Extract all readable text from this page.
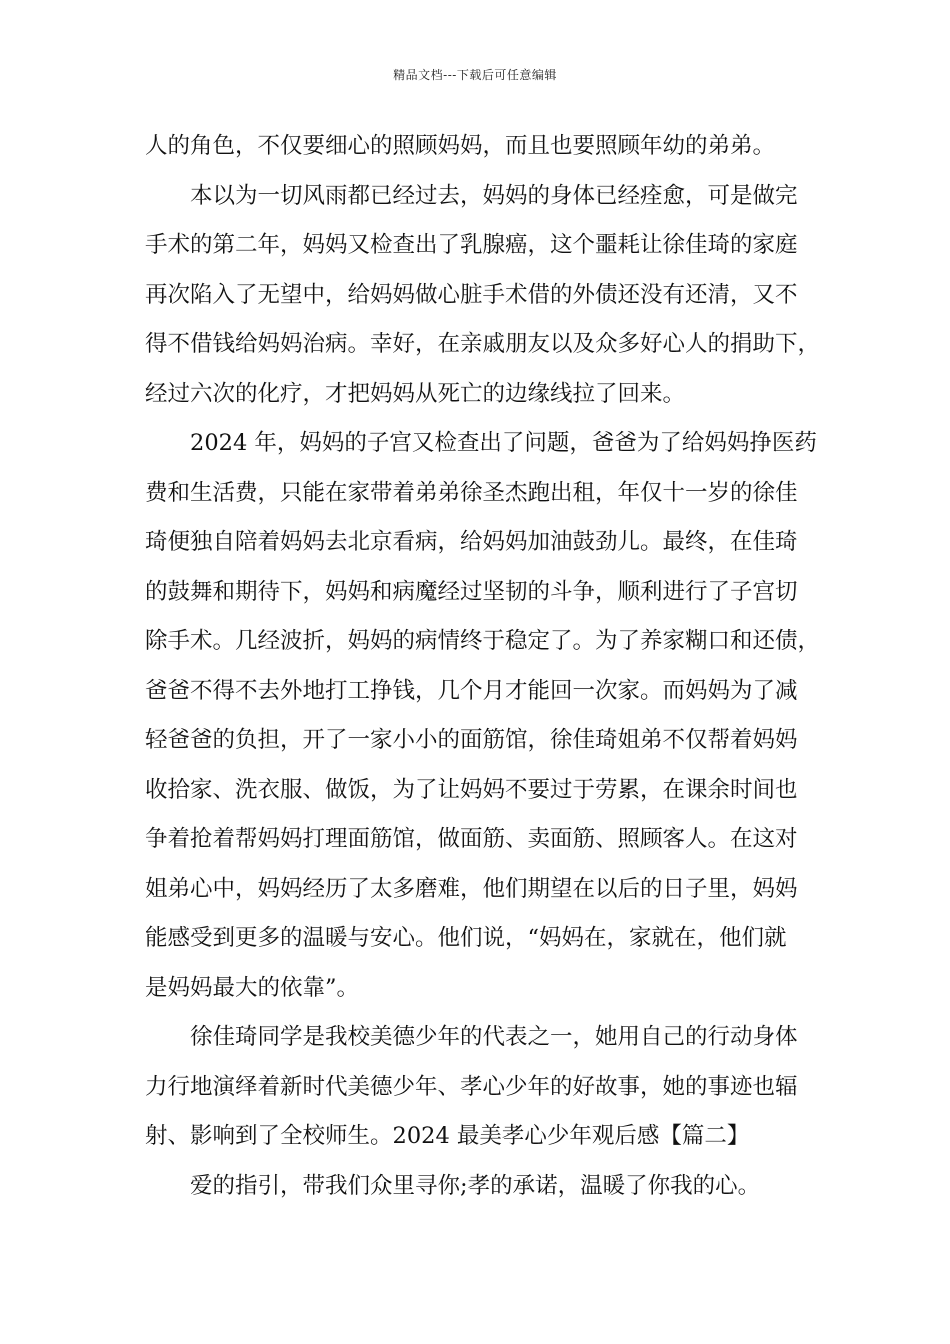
精品文档---下载后可任意编辑
人的角色，不仅要细心的照顾妈妈，而且也要照顾年幼的弟弟。
本以为一切风雨都已经过去，妈妈的身体已经痊愈，可是做完
手术的第二年，妈妈又检查出了乳腺癌，这个噩耗让徐佳琦的家庭
再次陷入了无望中，给妈妈做心脏手术借的外债还没有还清，又不
得不借钱给妈妈治病。幸好，在亲戚朋友以及众多好心人的捐助下，
经过六次的化疗，才把妈妈从死亡的边缘线拉了回来。
2024 年，妈妈的子宫又检查出了问题，爸爸为了给妈妈挣医药
费和生活费，只能在家带着弟弟徐圣杰跑出租，年仅十一岁的徐佳
琦便独自陪着妈妈去北京看病，给妈妈加油鼓劲儿。最终，在佳琦
的鼓舞和期待下，妈妈和病魔经过坚韧的斗争，顺利进行了子宫切
除手术。几经波折，妈妈的病情终于稳定了。为了养家糊口和还债，
爸爸不得不去外地打工挣钱，几个月才能回一次家。而妈妈为了减
轻爸爸的负担，开了一家小小的面筋馆，徐佳琦姐弟不仅帮着妈妈
收拾家、洗衣服、做饭，为了让妈妈不要过于劳累，在课余时间也
争着抢着帮妈妈打理面筋馆，做面筋、卖面筋、照顾客人。在这对
姐弟心中，妈妈经历了太多磨难，他们期望在以后的日子里，妈妈
能感受到更多的温暖与安心。他们说，“妈妈在，家就在，他们就
是妈妈最大的依靠”。
徐佳琦同学是我校美德少年的代表之一，她用自己的行动身体
力行地演绎着新时代美德少年、孝心少年的好故事，她的事迹也辐
射、影响到了全校师生。2024 最美孝心少年观后感【篇二】
爱的指引，带我们众里寻你;孝的承诺，温暖了你我的心。
